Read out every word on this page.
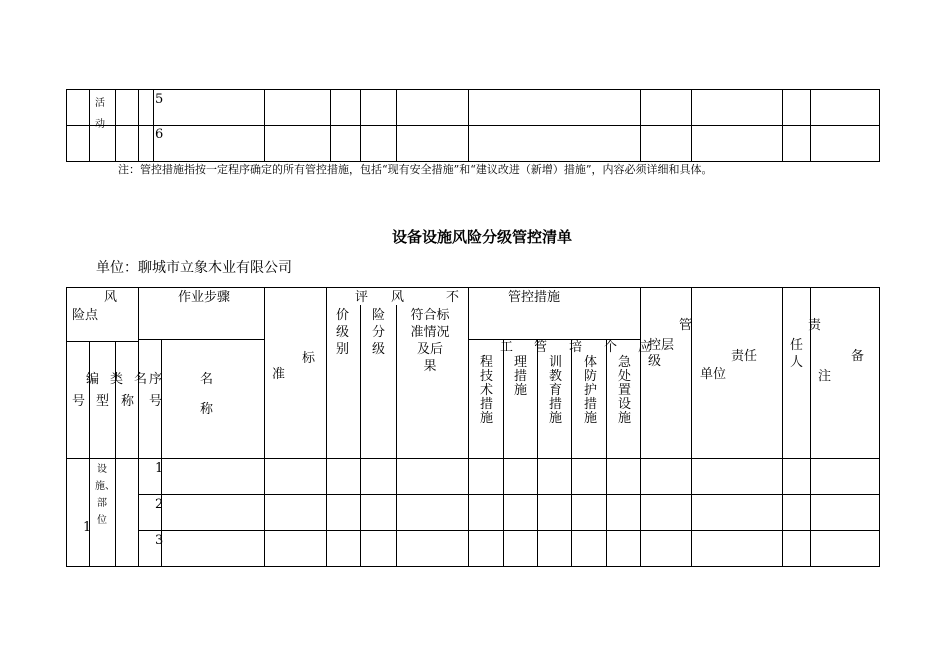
活动
5
6
注：管控措施指按一定程序确定的所有管控措施，包括“现有安全措施”和“建议改进（新增）措施”，内容必须详细和具体。
设备设施风险分级管控清单
单位：聊城市立象木业有限公司
风
险点
作业步骤
编
号
类
型
名
称
序
号
名
称
标
准
评
价
级
别
风
险
分
级
不
符合标
准情况
及后
果
管控措施
工
程
技
术
措
施
管
理
措
施
培
训
教
育
措
施
个
体
防
护
措
施
应
急
处
置
设
施
管
控层
级	责任
单位
责
任
人	备
注
1
设施、部位
1
2
3
